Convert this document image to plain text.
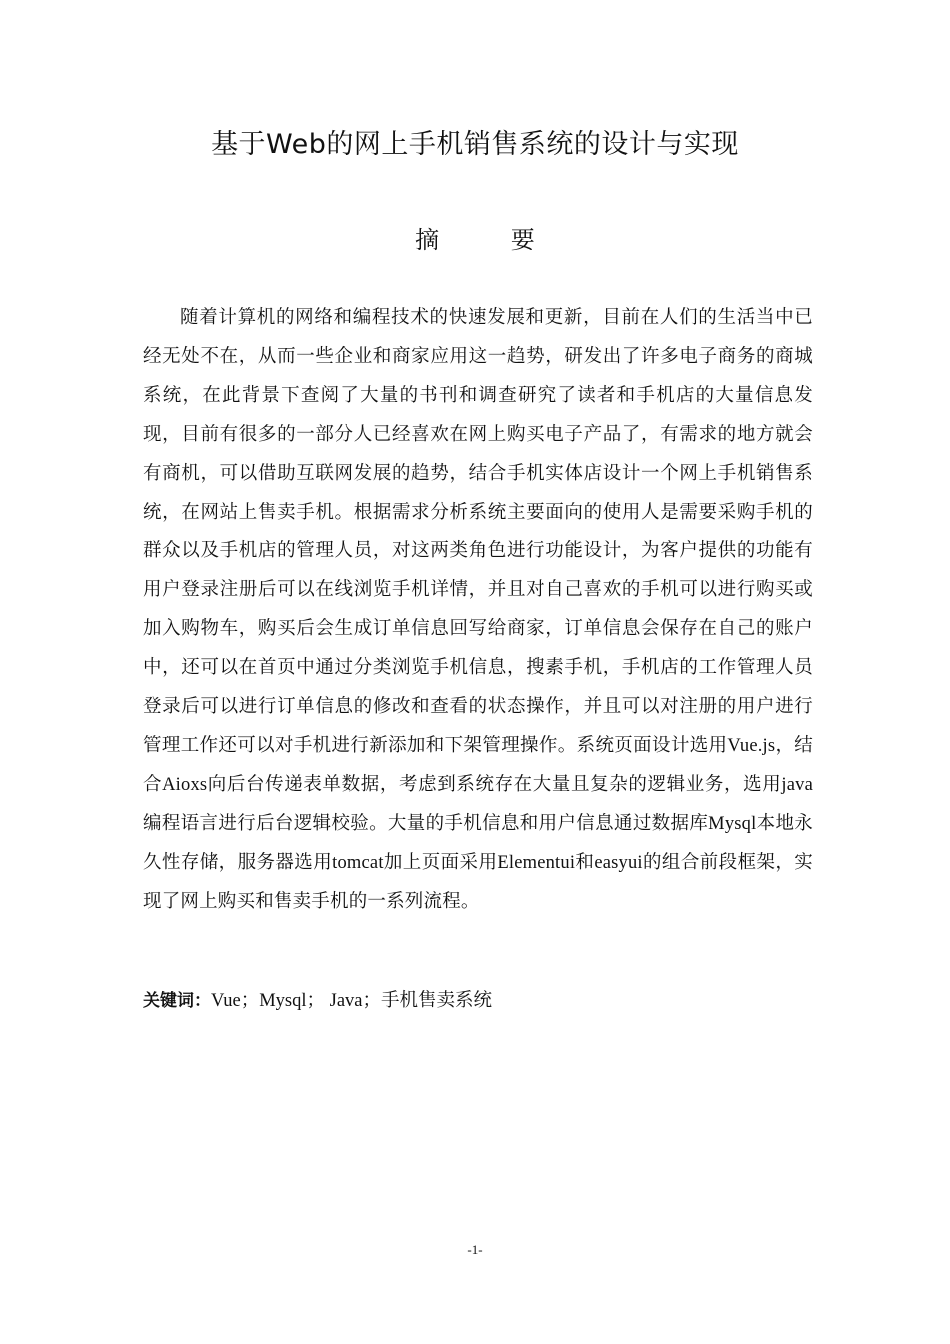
基于Web的网上手机销售系统的设计与实现
摘 要

随着计算机的网络和编程技术的快速发展和更新，目前在人们的生活当中已经无处不在，从而一些企业和商家应用这一趋势，研发出了许多电子商务的商城系统，在此背景下查阅了大量的书刊和调查研究了读者和手机店的大量信息发现，目前有很多的一部分人已经喜欢在网上购买电子产品了，有需求的地方就会有商机，可以借助互联网发展的趋势，结合手机实体店设计一个网上手机销售系统，在网站上售卖手机。根据需求分析系统主要面向的使用人是需要采购手机的群众以及手机店的管理人员，对这两类角色进行功能设计，为客户提供的功能有用户登录注册后可以在线浏览手机详情，并且对自己喜欢的手机可以进行购买或加入购物车，购买后会生成订单信息回写给商家，订单信息会保存在自己的账户中，还可以在首页中通过分类浏览手机信息，搜素手机，手机店的工作管理人员登录后可以进行订单信息的修改和查看的状态操作，并且可以对注册的用户进行管理工作还可以对手机进行新添加和下架管理操作。系统页面设计选用Vue.js，结合Aioxs向后台传递表单数据，考虑到系统存在大量且复杂的逻辑业务，选用java编程语言进行后台逻辑校验。大量的手机信息和用户信息通过数据库Mysql本地永久性存储，服务器选用tomcat加上页面采用Elementui和easyui的组合前段框架，实现了网上购买和售卖手机的一系列流程。

关键词：Vue；Mysql； Java；手机售卖系统
-1-
